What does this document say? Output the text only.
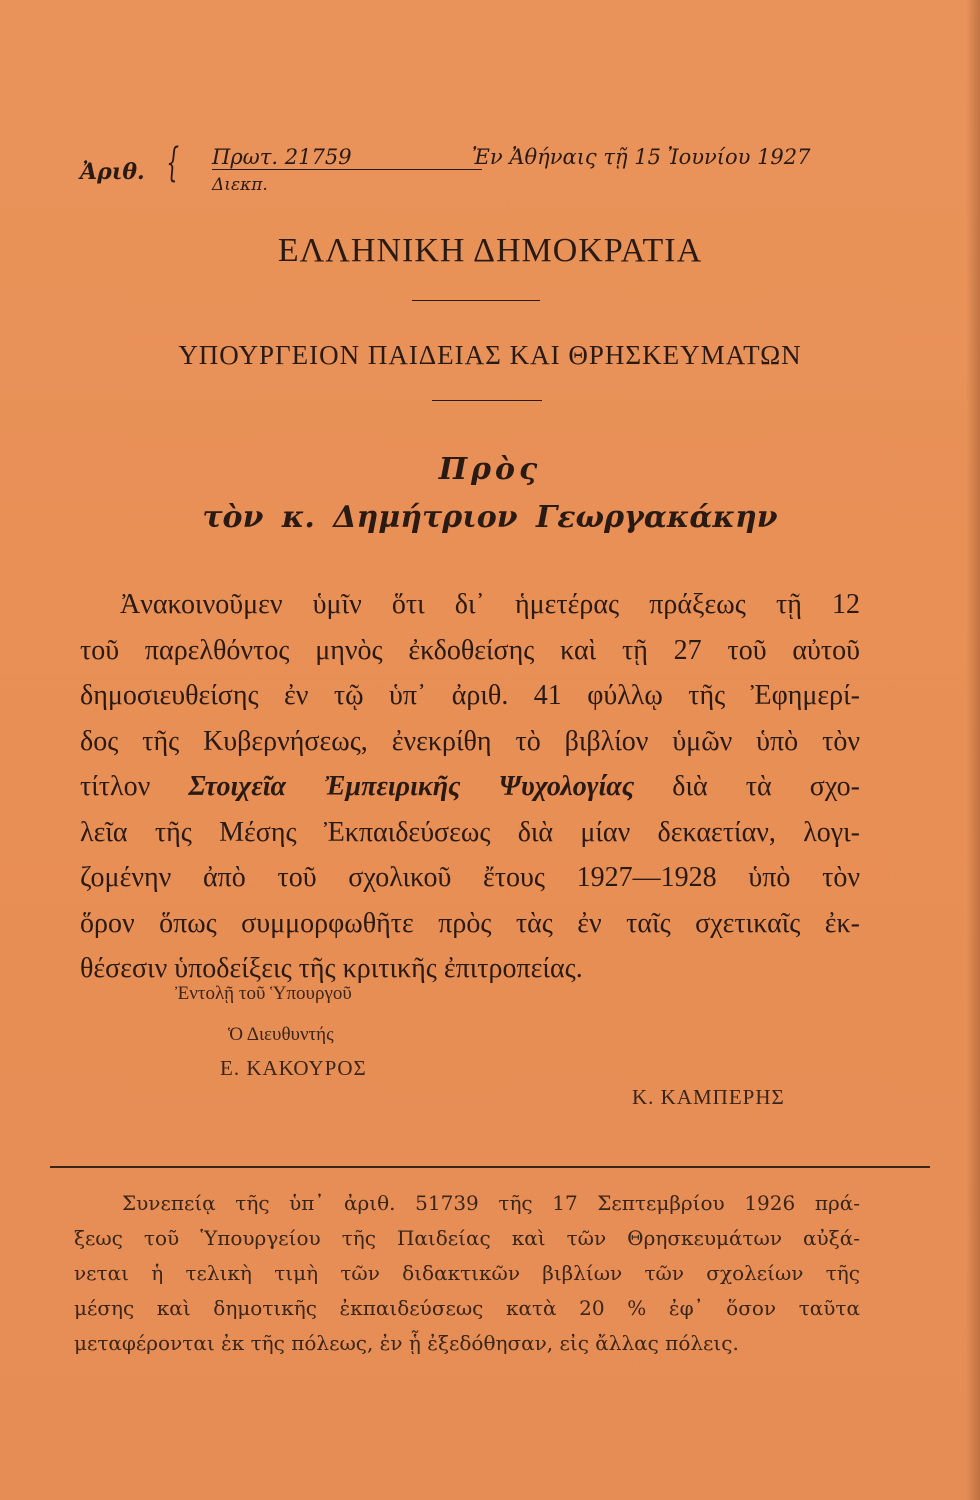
Ἀριθ. { Πρωτ. 21759
Διεκπ.
Ἐν Ἀθήναις τῇ 15 Ἰουνίου 1927
ΕΛΛΗΝΙΚΗ ΔΗΜΟΚΡΑΤΙΑ
ΥΠΟΥΡΓΕΙΟΝ ΠΑΙΔΕΙΑΣ ΚΑΙ ΘΡΗΣΚΕΥΜΑΤΩΝ
Πρὸς
τὸν κ. Δημήτριον Γεωργακάκην
Ἀνακοινοῦμεν ὑμῖν ὅτι δι᾽ ἡμετέρας πράξεως τῇ 12
τοῦ παρελθόντος μηνὸς ἐκδοθείσης καὶ τῇ 27 τοῦ αὐτοῦ
δημοσιευθείσης ἐν τῷ ὑπ᾽ ἀριθ. 41 φύλλῳ τῆς Ἐφημερί-
δος τῆς Κυβερνήσεως, ἐνεκρίθη τὸ βιβλίον ὑμῶν ὑπὸ τὸν
τίτλον Στοιχεῖα Ἐμπειρικῆς Ψυχολογίας διὰ τὰ σχο-
λεῖα τῆς Μέσης Ἐκπαιδεύσεως διὰ μίαν δεκαετίαν, λογι-
ζομένην ἀπὸ τοῦ σχολικοῦ ἔτους 1927—1928 ὑπὸ τὸν
ὅρον ὅπως συμμορφωθῆτε πρὸς τὰς ἐν ταῖς σχετικαῖς ἐκ-
θέσεσιν ὑποδείξεις τῆς κριτικῆς ἐπιτροπείας.
Ἐντολῇ τοῦ Ὑπουργοῦ
Ὁ Διευθυντής
Ε. ΚΑΚΟΥΡΟΣ
Κ. ΚΑΜΠΕΡΗΣ
Συνεπείᾳ τῆς ὑπ᾽ ἀριθ. 51739 τῆς 17 Σεπτεμβρίου 1926 πρά-
ξεως τοῦ Ὑπουργείου τῆς Παιδείας καὶ τῶν Θρησκευμάτων αὐξά-
νεται ἡ τελικὴ τιμὴ τῶν διδακτικῶν βιβλίων τῶν σχολείων τῆς
μέσης καὶ δημοτικῆς ἐκπαιδεύσεως κατὰ 20 % ἐφ᾽ ὅσον ταῦτα
μεταφέρονται ἐκ τῆς πόλεως, ἐν ᾗ ἐξεδόθησαν, εἰς ἄλλας πόλεις.
